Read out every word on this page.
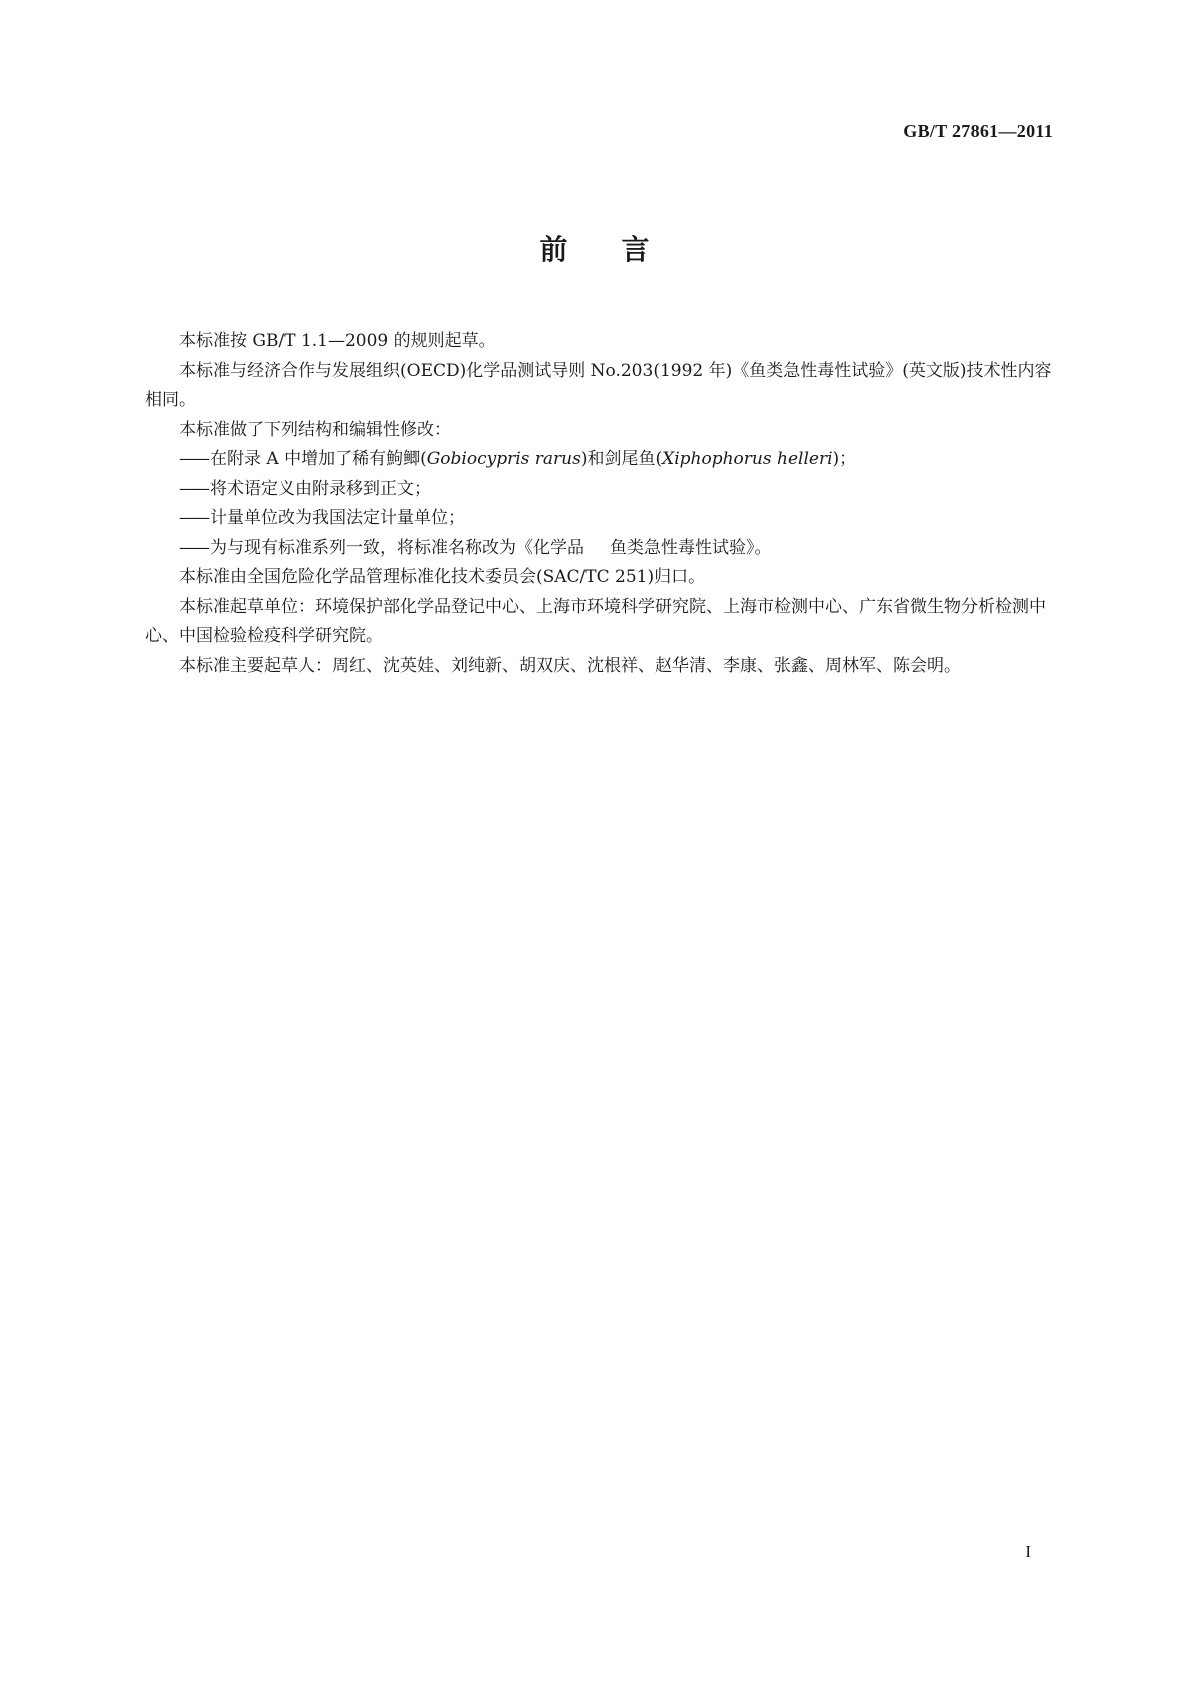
GB/T 27861—2011
前 言

本标准按 GB/T 1.1—2009 的规则起草。

本标准与经济合作与发展组织(OECD)化学品测试导则 No.203(1992 年)《鱼类急性毒性试验》(英文版)技术性内容相同。

本标准做了下列结构和编辑性修改：

—— 在附录 A 中增加了稀有鮈鲫(Gobiocypris rarus)和剑尾鱼(Xiphophorus helleri)；

—— 将术语定义由附录移到正文；

—— 计量单位改为我国法定计量单位；

—— 为与现有标准系列一致，将标准名称改为《化学品 鱼类急性毒性试验》。

本标准由全国危险化学品管理标准化技术委员会(SAC/TC 251)归口。

本标准起草单位：环境保护部化学品登记中心、上海市环境科学研究院、上海市检测中心、广东省微生物分析检测中心、中国检验检疫科学研究院。

本标准主要起草人：周红、沈英娃、刘纯新、胡双庆、沈根祥、赵华清、李康、张鑫、周林军、陈会明。

I
